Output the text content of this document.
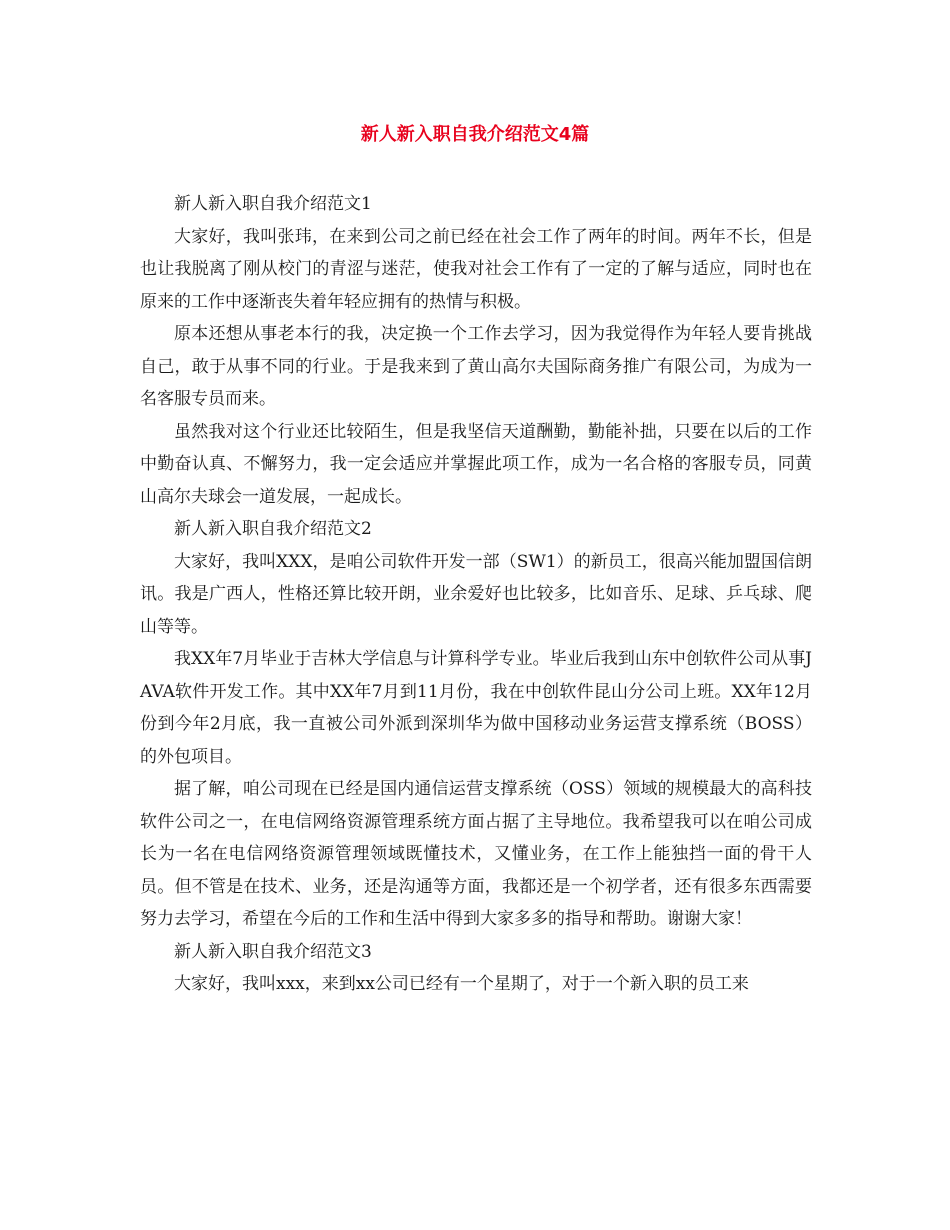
新人新入职自我介绍范文4篇

新人新入职自我介绍范文1

大家好，我叫张玮，在来到公司之前已经在社会工作了两年的时间。两年不长，但是也让我脱离了刚从校门的青涩与迷茫，使我对社会工作有了一定的了解与适应，同时也在原来的工作中逐渐丧失着年轻应拥有的热情与积极。

原本还想从事老本行的我，决定换一个工作去学习，因为我觉得作为年轻人要肯挑战自己，敢于从事不同的行业。于是我来到了黄山高尔夫国际商务推广有限公司，为成为一名客服专员而来。

虽然我对这个行业还比较陌生，但是我坚信天道酬勤，勤能补拙，只要在以后的工作中勤奋认真、不懈努力，我一定会适应并掌握此项工作，成为一名合格的客服专员，同黄山高尔夫球会一道发展，一起成长。

新人新入职自我介绍范文2

大家好，我叫XXX，是咱公司软件开发一部（SW1）的新员工，很高兴能加盟国信朗讯。我是广西人，性格还算比较开朗，业余爱好也比较多，比如音乐、足球、乒乓球、爬山等等。

我XX年7月毕业于吉林大学信息与计算科学专业。毕业后我到山东中创软件公司从事JAVA软件开发工作。其中XX年7月到11月份，我在中创软件昆山分公司上班。XX年12月份到今年2月底，我一直被公司外派到深圳华为做中国移动业务运营支撑系统（BOSS）的外包项目。

据了解，咱公司现在已经是国内通信运营支撑系统（OSS）领域的规模最大的高科技软件公司之一，在电信网络资源管理系统方面占据了主导地位。我希望我可以在咱公司成长为一名在电信网络资源管理领域既懂技术，又懂业务，在工作上能独挡一面的骨干人员。但不管是在技术、业务，还是沟通等方面，我都还是一个初学者，还有很多东西需要努力去学习，希望在今后的工作和生活中得到大家多多的指导和帮助。谢谢大家！

新人新入职自我介绍范文3

大家好，我叫xxx，来到xx公司已经有一个星期了，对于一个新入职的员工来
